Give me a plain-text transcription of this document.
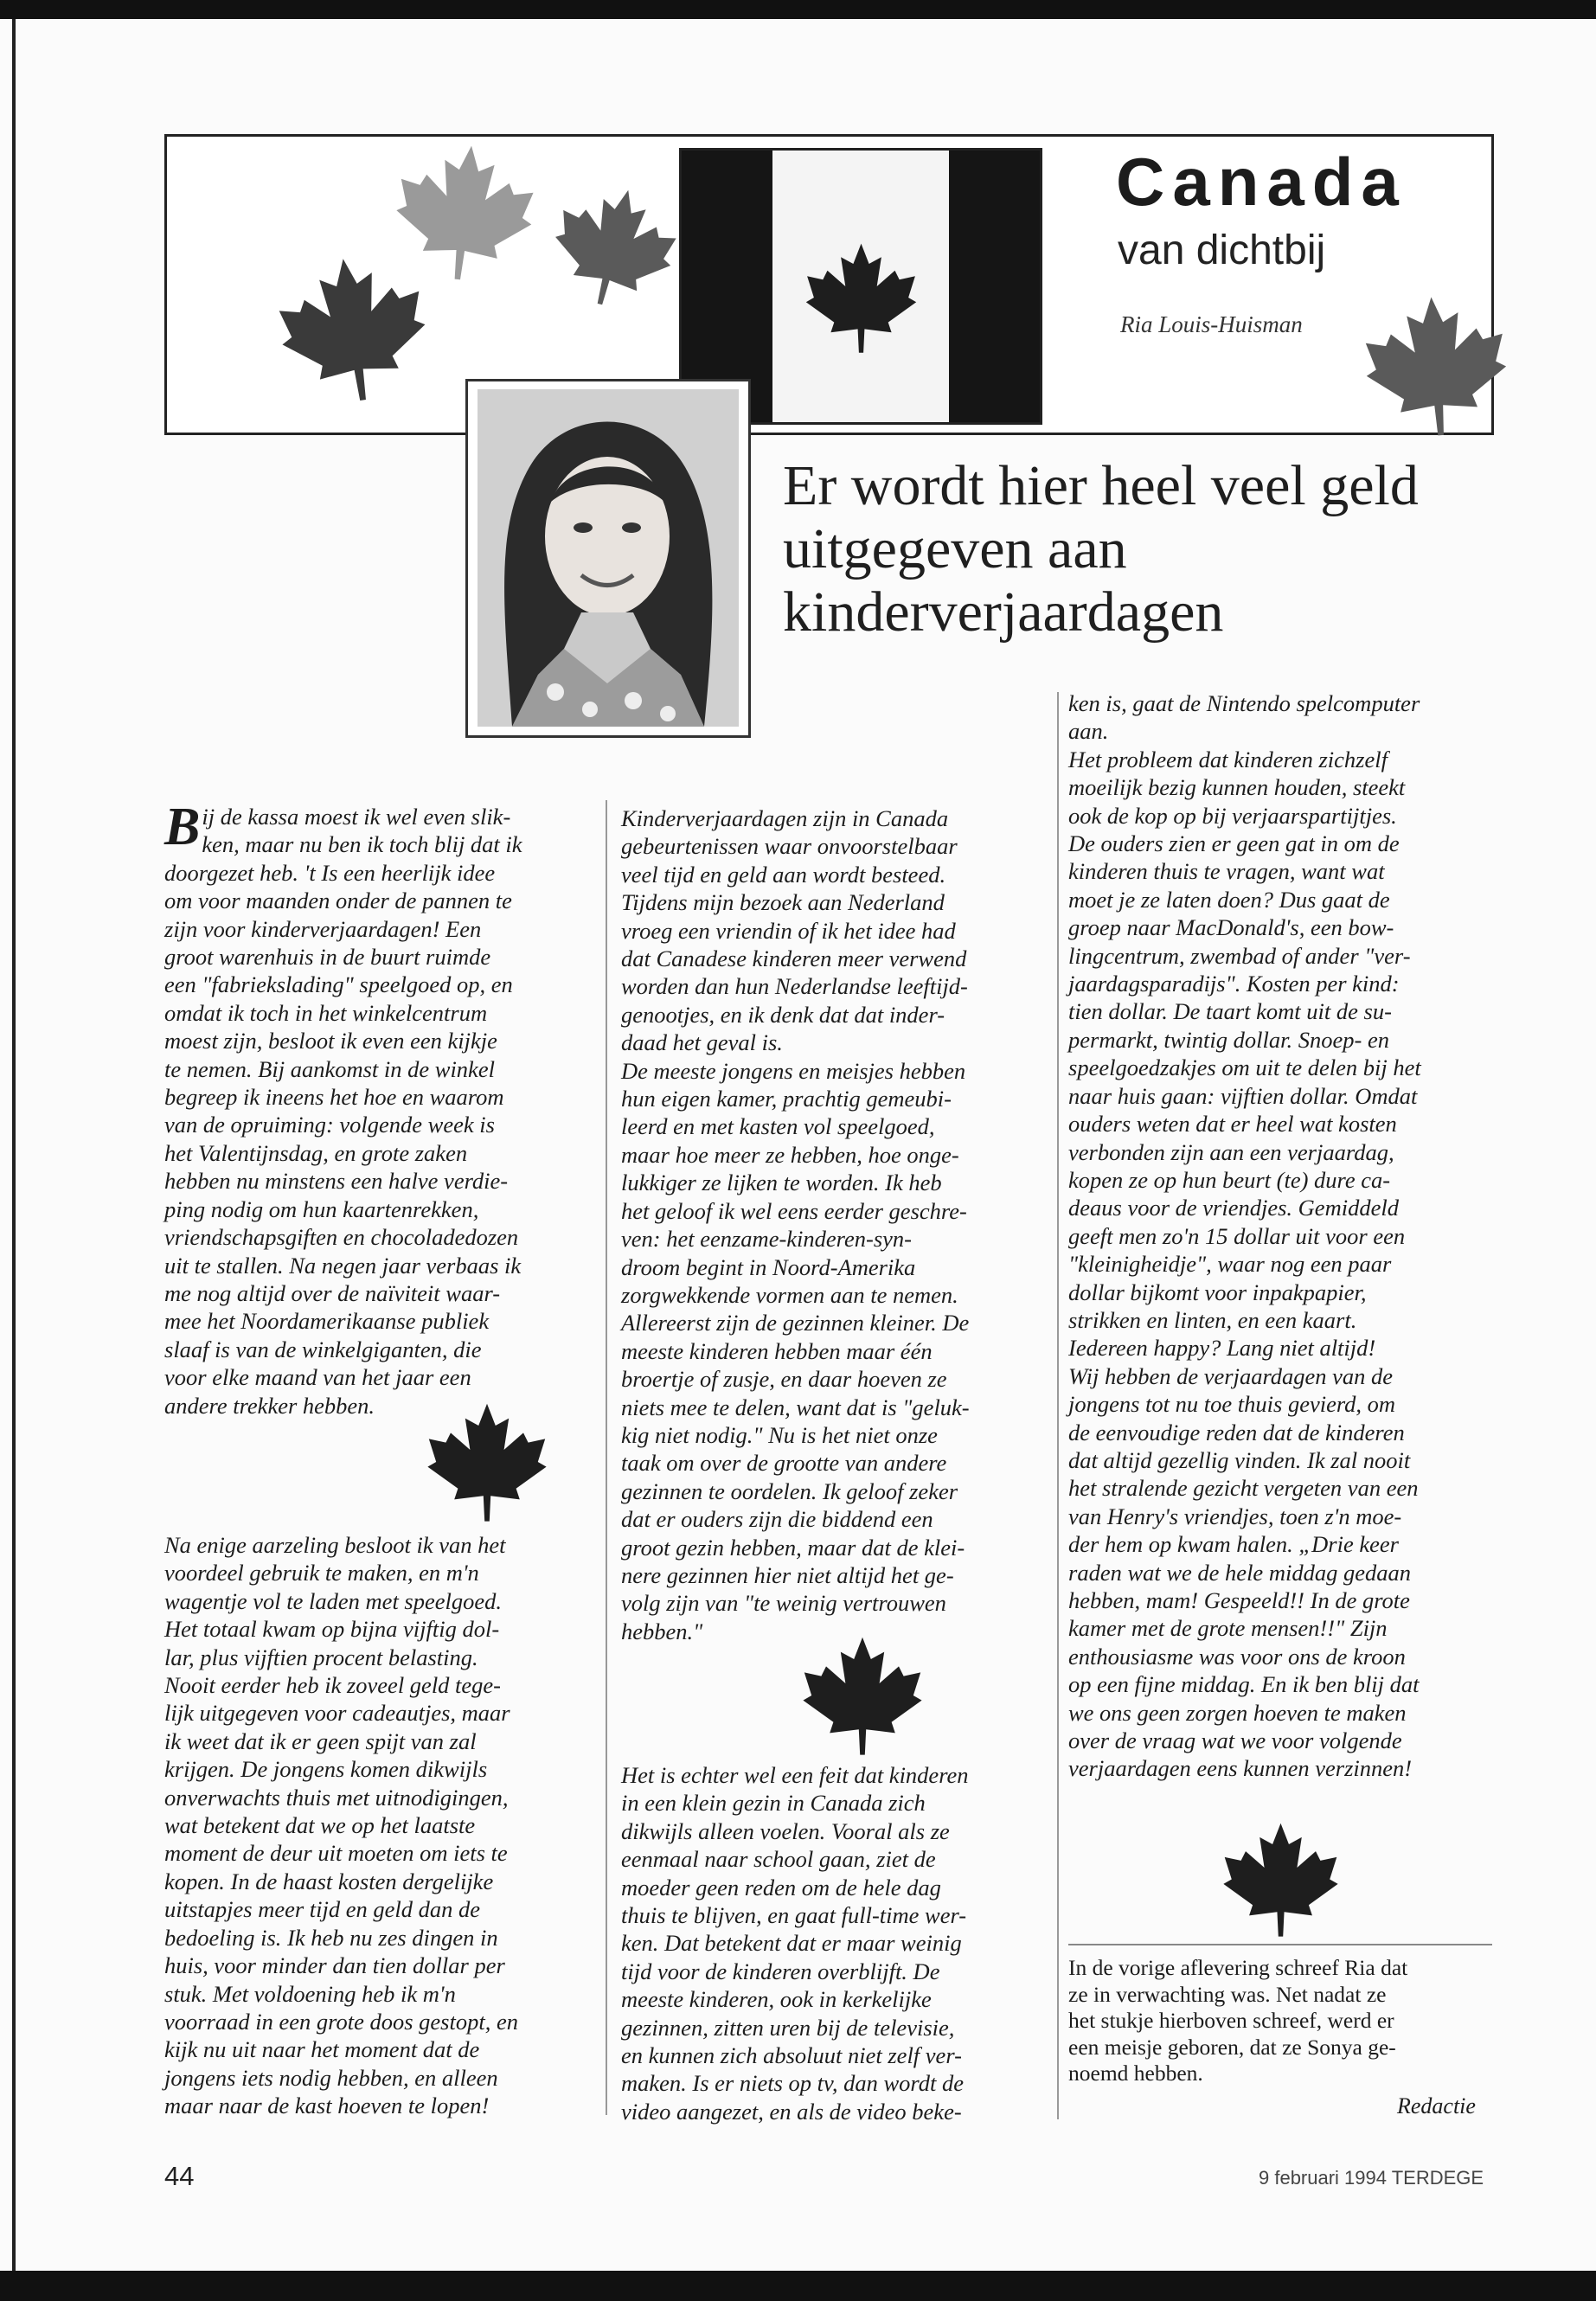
Canada
van dichtbij
Ria Louis-Huisman
Er wordt hier heel veel geld uitgegeven aan kinderverjaardagen

Bij de kassa moest ik wel even slik-
ken, maar nu ben ik toch blij dat ik
doorgezet heb. 't Is een heerlijk idee
om voor maanden onder de pannen te
zijn voor kinderverjaardagen! Een
groot warenhuis in de buurt ruimde
een "fabrieksladingʺ speelgoed op, en
omdat ik toch in het winkelcentrum
moest zijn, besloot ik even een kijkje
te nemen. Bij aankomst in de winkel
begreep ik ineens het hoe en waarom
van de opruiming: volgende week is
het Valentijnsdag, en grote zaken
hebben nu minstens een halve verdie-
ping nodig om hun kaartenrekken,
vriendschapsgiften en chocoladedozen
uit te stallen. Na negen jaar verbaas ik
me nog altijd over de naïviteit waar-
mee het Noordamerikaanse publiek
slaaf is van de winkelgiganten, die
voor elke maand van het jaar een
andere trekker hebben.

Na enige aarzeling besloot ik van het
voordeel gebruik te maken, en m'n
wagentje vol te laden met speelgoed.
Het totaal kwam op bijna vijftig dol-
lar, plus vijftien procent belasting.
Nooit eerder heb ik zoveel geld tege-
lijk uitgegeven voor cadeautjes, maar
ik weet dat ik er geen spijt van zal
krijgen. De jongens komen dikwijls
onverwachts thuis met uitnodigingen,
wat betekent dat we op het laatste
moment de deur uit moeten om iets te
kopen. In de haast kosten dergelijke
uitstapjes meer tijd en geld dan de
bedoeling is. Ik heb nu zes dingen in
huis, voor minder dan tien dollar per
stuk. Met voldoening heb ik m'n
voorraad in een grote doos gestopt, en
kijk nu uit naar het moment dat de
jongens iets nodig hebben, en alleen
maar naar de kast hoeven te lopen!

Kinderverjaardagen zijn in Canada
gebeurtenissen waar onvoorstelbaar
veel tijd en geld aan wordt besteed.
Tijdens mijn bezoek aan Nederland
vroeg een vriendin of ik het idee had
dat Canadese kinderen meer verwend
worden dan hun Nederlandse leeftijd-
genootjes, en ik denk dat dat inder-
daad het geval is.
De meeste jongens en meisjes hebben
hun eigen kamer, prachtig gemeubi-
leerd en met kasten vol speelgoed,
maar hoe meer ze hebben, hoe onge-
lukkiger ze lijken te worden. Ik heb
het geloof ik wel eens eerder geschre-
ven: het eenzame-kinderen-syn-
droom begint in Noord-Amerika
zorgwekkende vormen aan te nemen.
Allereerst zijn de gezinnen kleiner. De
meeste kinderen hebben maar één
broertje of zusje, en daar hoeven ze
niets mee te delen, want dat is "geluk-
kig niet nodig." Nu is het niet onze
taak om over de grootte van andere
gezinnen te oordelen. Ik geloof zeker
dat er ouders zijn die biddend een
groot gezin hebben, maar dat de klei-
nere gezinnen hier niet altijd het ge-
volg zijn van "te weinig vertrouwen
hebben."

Het is echter wel een feit dat kinderen
in een klein gezin in Canada zich
dikwijls alleen voelen. Vooral als ze
eenmaal naar school gaan, ziet de
moeder geen reden om de hele dag
thuis te blijven, en gaat full-time wer-
ken. Dat betekent dat er maar weinig
tijd voor de kinderen overblijft. De
meeste kinderen, ook in kerkelijke
gezinnen, zitten uren bij de televisie,
en kunnen zich absoluut niet zelf ver-
maken. Is er niets op tv, dan wordt de
video aangezet, en als de video beke-

ken is, gaat de Nintendo spelcomputer
aan.
Het probleem dat kinderen zichzelf
moeilijk bezig kunnen houden, steekt
ook de kop op bij verjaarspartijtjes.
De ouders zien er geen gat in om de
kinderen thuis te vragen, want wat
moet je ze laten doen? Dus gaat de
groep naar MacDonald's, een bow-
lingcentrum, zwembad of ander "ver-
jaardagsparadijs". Kosten per kind:
tien dollar. De taart komt uit de su-
permarkt, twintig dollar. Snoep- en
speelgoedzakjes om uit te delen bij het
naar huis gaan: vijftien dollar. Omdat
ouders weten dat er heel wat kosten
verbonden zijn aan een verjaardag,
kopen ze op hun beurt (te) dure ca-
deaus voor de vriendjes. Gemiddeld
geeft men zo'n 15 dollar uit voor een
"kleinigheidje", waar nog een paar
dollar bijkomt voor inpakpapier,
strikken en linten, en een kaart.
Iedereen happy? Lang niet altijd!
Wij hebben de verjaardagen van de
jongens tot nu toe thuis gevierd, om
de eenvoudige reden dat de kinderen
dat altijd gezellig vinden. Ik zal nooit
het stralende gezicht vergeten van een
van Henry's vriendjes, toen z'n moe-
der hem op kwam halen. „Drie keer
raden wat we de hele middag gedaan
hebben, mam! Gespeeld!! In de grote
kamer met de grote mensen!!" Zijn
enthousiasme was voor ons de kroon
op een fijne middag. En ik ben blij dat
we ons geen zorgen hoeven te maken
over de vraag wat we voor volgende
verjaardagen eens kunnen verzinnen!

In de vorige aflevering schreef Ria dat
ze in verwachting was. Net nadat ze
het stukje hierboven schreef, werd er
een meisje geboren, dat ze Sonya ge-
noemd hebben.

Redactie
44	9 februari 1994 TERDEGE
